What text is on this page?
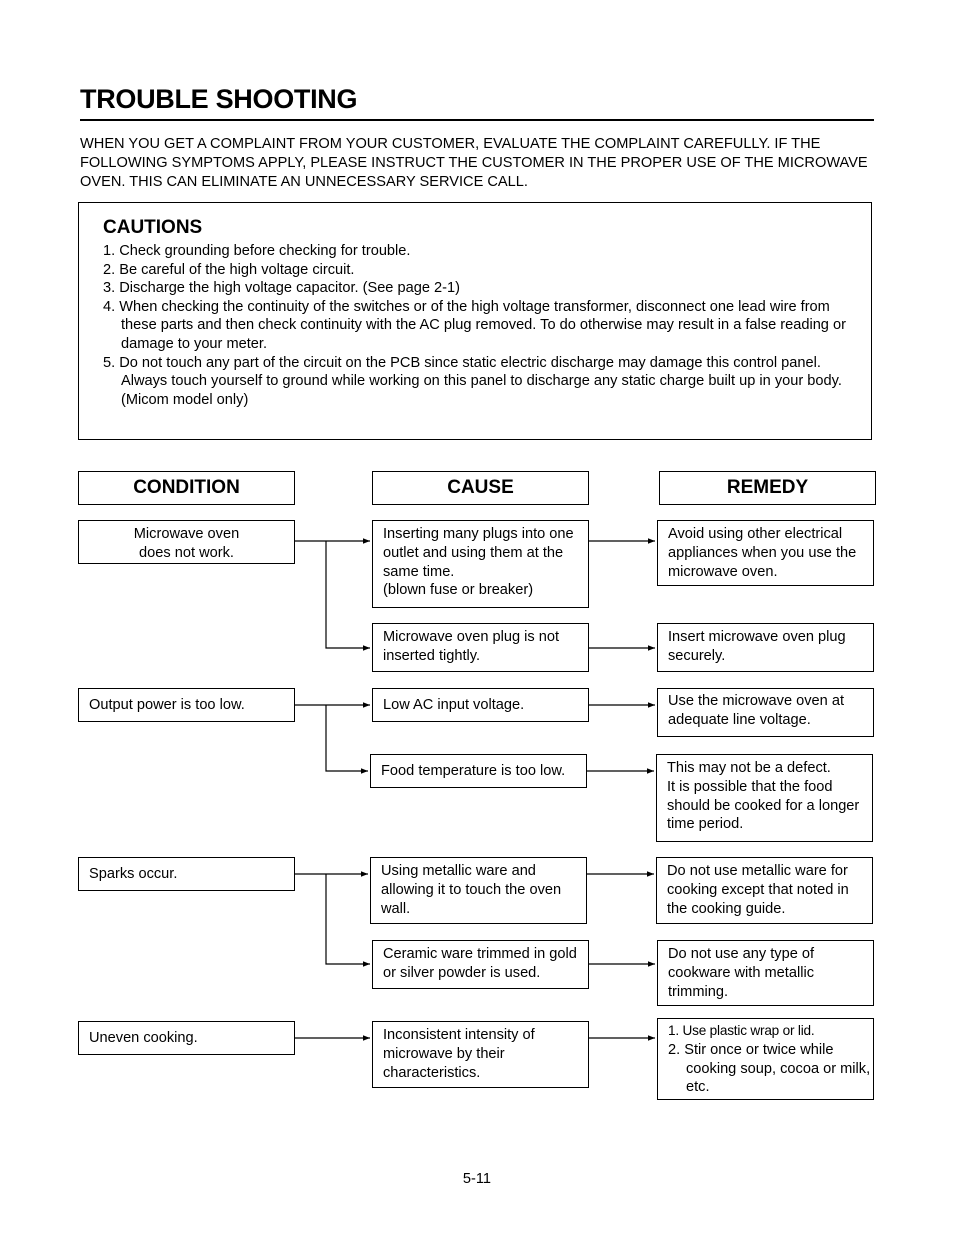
TROUBLE SHOOTING
WHEN YOU GET A COMPLAINT FROM YOUR CUSTOMER, EVALUATE THE COMPLAINT CAREFULLY. IF THE FOLLOWING SYMPTOMS APPLY, PLEASE INSTRUCT THE CUSTOMER IN THE PROPER USE OF THE MICROWAVE OVEN. THIS CAN ELIMINATE AN UNNECESSARY SERVICE CALL.
CAUTIONS
1. Check grounding before checking for trouble.
2. Be careful of the high voltage circuit.
3. Discharge the high voltage capacitor. (See page 2-1)
4. When checking the continuity of the switches or of the high voltage transformer, disconnect one lead wire from these parts and then check continuity with the AC plug removed. To do otherwise may result in a false reading or damage to your meter.
5. Do not touch any part of the circuit on the PCB since static electric discharge may damage this control panel.
Always touch yourself to ground while working on this panel to discharge any static charge built up in your body. (Micom model only)
CONDITION	CAUSE	REMEDY
Microwave oven
does not work.
Output power is too low.
Sparks occur.
Uneven cooking.
Inserting many plugs into one outlet and using them at the same time.
(blown fuse or breaker)
Microwave oven plug is not inserted tightly.
Low AC input voltage.
Food temperature is too low.
Using metallic ware and allowing it to touch the oven wall.
Ceramic ware trimmed in gold or silver powder is used.
Inconsistent intensity of microwave by their characteristics.
Avoid using other electrical appliances when you use the microwave oven.
Insert microwave oven plug securely.
Use the microwave oven at adequate line voltage.
This may not be a defect.
It is possible that the food should be cooked for a longer time period.
Do not use metallic ware for cooking except that noted in the cooking guide.
Do not use any type of cookware with metallic trimming.
1. Use plastic wrap or lid.
2. Stir once or twice while cooking soup, cocoa or milk, etc.
5-11
